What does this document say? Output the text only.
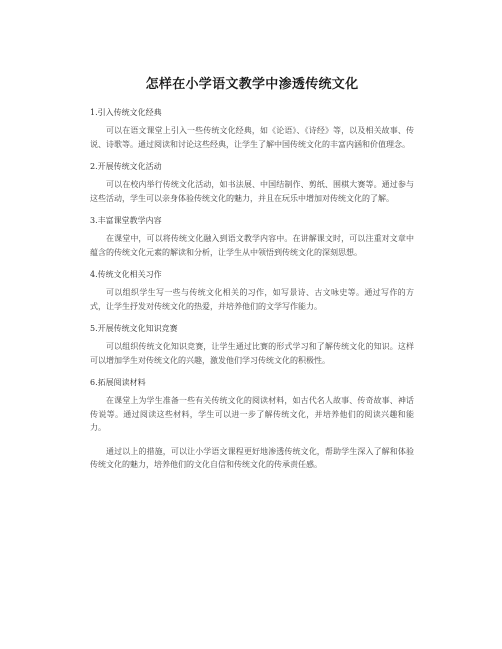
怎样在小学语文教学中渗透传统文化

1.引入传统文化经典

可以在语文课堂上引入一些传统文化经典，如《论语》、《诗经》等，以及相关故事、传说、诗歌等。通过阅读和讨论这些经典，让学生了解中国传统文化的丰富内涵和价值理念。

2.开展传统文化活动

可以在校内举行传统文化活动，如书法展、中国结制作、剪纸、围棋大赛等。通过参与这些活动，学生可以亲身体验传统文化的魅力，并且在玩乐中增加对传统文化的了解。

3.丰富课堂教学内容

在课堂中，可以将传统文化融入到语文教学内容中。在讲解课文时，可以注重对文章中蕴含的传统文化元素的解读和分析，让学生从中领悟到传统文化的深刻思想。

4.传统文化相关习作

可以组织学生写一些与传统文化相关的习作，如写景诗、古文咏史等。通过写作的方式，让学生抒发对传统文化的热爱，并培养他们的文学写作能力。

5.开展传统文化知识竞赛

可以组织传统文化知识竞赛，让学生通过比赛的形式学习和了解传统文化的知识。这样可以增加学生对传统文化的兴趣，激发他们学习传统文化的积极性。

6.拓展阅读材料

在课堂上为学生准备一些有关传统文化的阅读材料，如古代名人故事、传奇故事、神话传说等。通过阅读这些材料，学生可以进一步了解传统文化，并培养他们的阅读兴趣和能力。

通过以上的措施，可以让小学语文课程更好地渗透传统文化，帮助学生深入了解和体验传统文化的魅力，培养他们的文化自信和传统文化的传承责任感。
